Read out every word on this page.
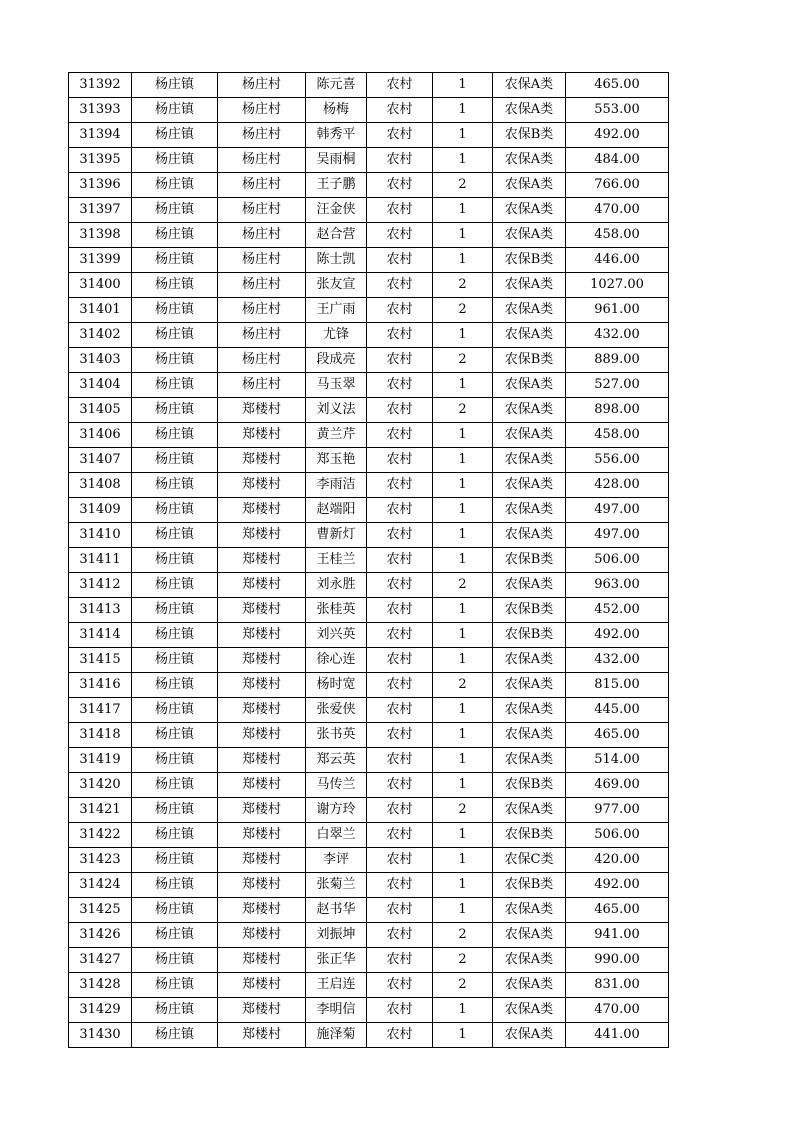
31392	杨庄镇	杨庄村	陈元喜	农村	1	农保A类	465.00
31393	杨庄镇	杨庄村	杨梅	农村	1	农保A类	553.00
31394	杨庄镇	杨庄村	韩秀平	农村	1	农保B类	492.00
31395	杨庄镇	杨庄村	吴雨桐	农村	1	农保A类	484.00
31396	杨庄镇	杨庄村	王子鹏	农村	2	农保A类	766.00
31397	杨庄镇	杨庄村	汪金侠	农村	1	农保A类	470.00
31398	杨庄镇	杨庄村	赵合营	农村	1	农保A类	458.00
31399	杨庄镇	杨庄村	陈士凯	农村	1	农保B类	446.00
31400	杨庄镇	杨庄村	张友宣	农村	2	农保A类	1027.00
31401	杨庄镇	杨庄村	王广雨	农村	2	农保A类	961.00
31402	杨庄镇	杨庄村	尤锋	农村	1	农保A类	432.00
31403	杨庄镇	杨庄村	段成亮	农村	2	农保B类	889.00
31404	杨庄镇	杨庄村	马玉翠	农村	1	农保A类	527.00
31405	杨庄镇	郑楼村	刘义法	农村	2	农保A类	898.00
31406	杨庄镇	郑楼村	黄兰芹	农村	1	农保A类	458.00
31407	杨庄镇	郑楼村	郑玉艳	农村	1	农保A类	556.00
31408	杨庄镇	郑楼村	李雨洁	农村	1	农保A类	428.00
31409	杨庄镇	郑楼村	赵端阳	农村	1	农保A类	497.00
31410	杨庄镇	郑楼村	曹新灯	农村	1	农保A类	497.00
31411	杨庄镇	郑楼村	王桂兰	农村	1	农保B类	506.00
31412	杨庄镇	郑楼村	刘永胜	农村	2	农保A类	963.00
31413	杨庄镇	郑楼村	张桂英	农村	1	农保B类	452.00
31414	杨庄镇	郑楼村	刘兴英	农村	1	农保B类	492.00
31415	杨庄镇	郑楼村	徐心连	农村	1	农保A类	432.00
31416	杨庄镇	郑楼村	杨时宽	农村	2	农保A类	815.00
31417	杨庄镇	郑楼村	张爱侠	农村	1	农保A类	445.00
31418	杨庄镇	郑楼村	张书英	农村	1	农保A类	465.00
31419	杨庄镇	郑楼村	郑云英	农村	1	农保A类	514.00
31420	杨庄镇	郑楼村	马传兰	农村	1	农保B类	469.00
31421	杨庄镇	郑楼村	谢方玲	农村	2	农保A类	977.00
31422	杨庄镇	郑楼村	白翠兰	农村	1	农保B类	506.00
31423	杨庄镇	郑楼村	李评	农村	1	农保C类	420.00
31424	杨庄镇	郑楼村	张菊兰	农村	1	农保B类	492.00
31425	杨庄镇	郑楼村	赵书华	农村	1	农保A类	465.00
31426	杨庄镇	郑楼村	刘振坤	农村	2	农保A类	941.00
31427	杨庄镇	郑楼村	张正华	农村	2	农保A类	990.00
31428	杨庄镇	郑楼村	王启连	农村	2	农保A类	831.00
31429	杨庄镇	郑楼村	李明信	农村	1	农保A类	470.00
31430	杨庄镇	郑楼村	施泽菊	农村	1	农保A类	441.00
